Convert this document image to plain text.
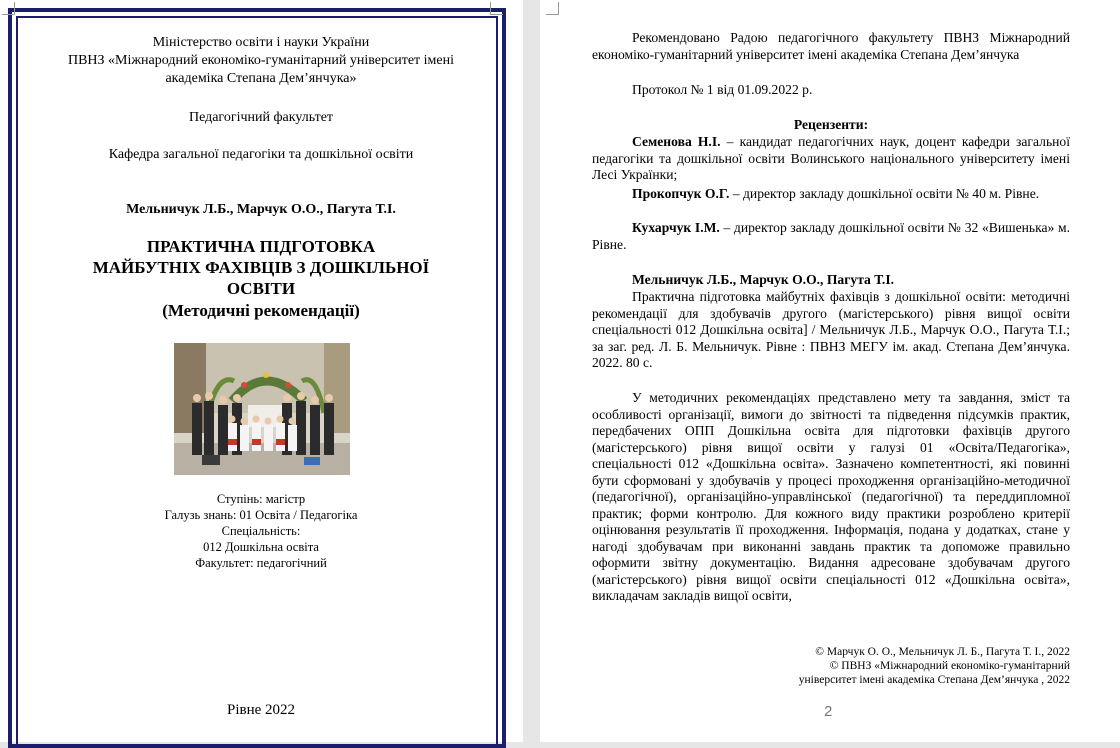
Міністерство освіти і науки України
ПВНЗ «Міжнародний економіко-гуманітарний університет імені
академіка Степана Дем’янчука»
Педагогічний факультет
Кафедра загальної педагогіки та дошкільної освіти
Мельничук Л.Б., Марчук О.О., Пагута Т.І.
ПРАКТИЧНА ПІДГОТОВКА
МАЙБУТНІХ ФАХІВЦІВ З ДОШКІЛЬНОЇ
ОСВІТИ
(Методичні рекомендації)
Ступінь: магістр
Галузь знань: 01 Освіта / Педагогіка
Спеціальність:
012 Дошкільна освіта
Факультет: педагогічний
Рівне 2022
Рекомендовано Радою педагогічного факультету ПВНЗ Міжнародний економіко-гуманітарний університет імені академіка Степана Дем’янчука
Протокол № 1 від 01.09.2022 р.
Рецензенти:
Семенова Н.І. – кандидат педагогічних наук, доцент кафедри загальної педагогіки та дошкільної освіти Волинського національного університету імені Лесі Українки;
Прокопчук О.Г. – директор закладу дошкільної освіти № 40 м. Рівне.
Кухарчук І.М. – директор закладу дошкільної освіти № 32 «Вишенька» м. Рівне.
Мельничук Л.Б., Марчук О.О., Пагута Т.І.
Практична підготовка майбутніх фахівців з дошкільної освіти: методичні рекомендації для здобувачів другого (магістерського) рівня вищої освіти спеціальності 012 Дошкільна освіта] / Мельничук Л.Б., Марчук О.О., Пагута Т.І.; за заг. ред. Л. Б. Мельничук. Рівне : ПВНЗ МЕГУ ім. акад. Степана Дем’янчука. 2022. 80 с.
У методичних рекомендаціях представлено мету та завдання, зміст та особливості організації, вимоги до звітності та підведення підсумків практик, передбачених ОПП Дошкільна освіта для підготовки фахівців другого (магістерського) рівня вищої освіти у галузі 01 «Освіта/Педагогіка», спеціальності 012 «Дошкільна освіта». Зазначено компетентності, які повинні бути сформовані у здобувачів у процесі проходження організаційно-методичної (педагогічної), організаційно-управлінської (педагогічної) та переддипломної практик; форми контролю. Для кожного виду практики розроблено критерії оцінювання результатів її проходження. Інформація, подана у додатках, стане у нагоді здобувачам при виконанні завдань практик та допоможе правильно оформити звітну документацію. Видання адресоване здобувачам другого (магістерського) рівня вищої освіти спеціальності 012 «Дошкільна освіта», викладачам закладів вищої освіти,
© Марчук О. О., Мельничук Л. Б., Пагута Т. І., 2022
© ПВНЗ «Міжнародний економіко-гуманітарний
університет імені академіка Степана Дем’янчука , 2022
2
